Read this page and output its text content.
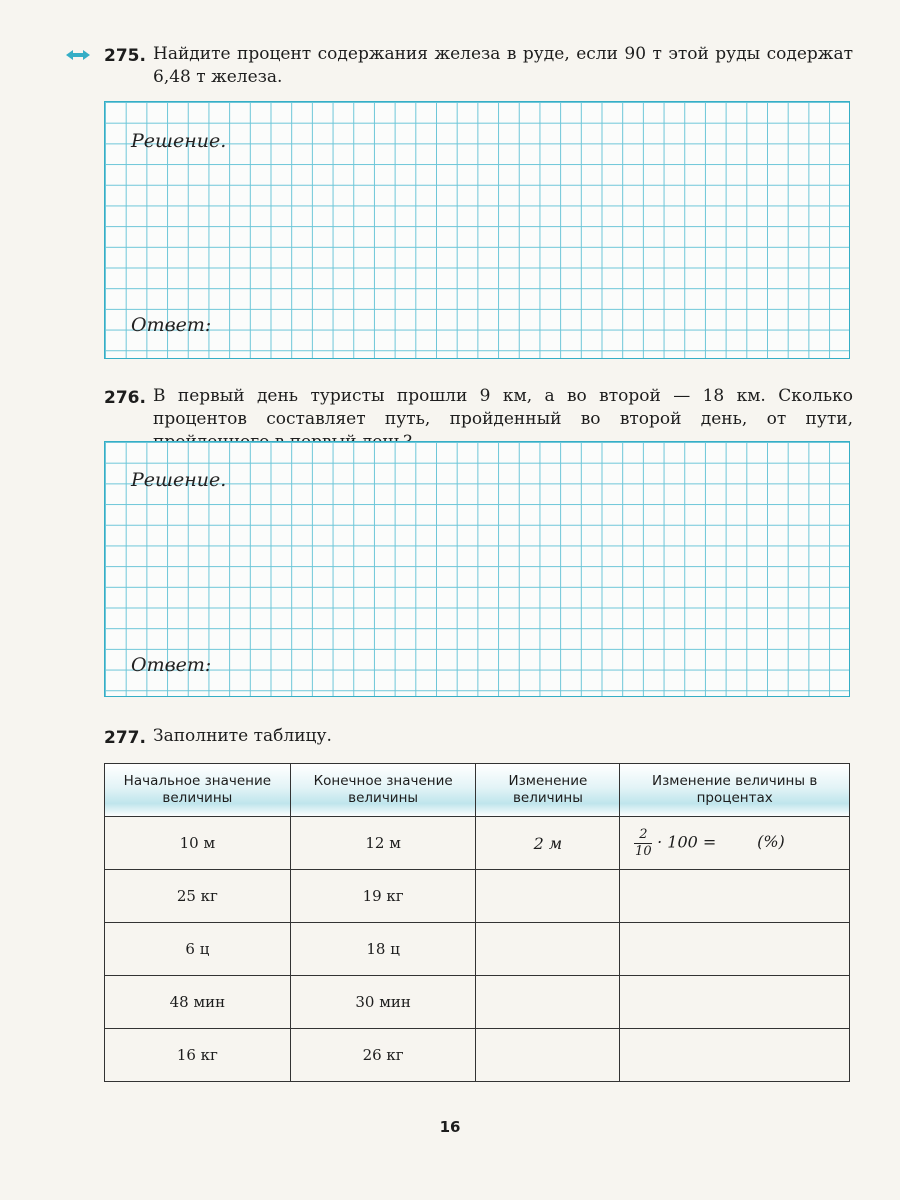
275. Найдите процент содержания железа в руде, если 90 т этой руды содержат 6,48 т железа.
Решение.
Ответ:
276. В первый день туристы прошли 9 км, а во второй — 18 км. Сколько процентов составляет путь, пройденный во второй день, от пути,
Решение.
Ответ:
277. Заполните таблицу.
Начальное значение величины	Конечное значение величины	Изменение величины	Изменение величины в процентах
10 м	12 м	2 м	$\frac{2}{10} \cdot 100$ = (%)
25 кг	19 кг		
6 ц	18 ц		
48 мин	30 мин		
16 кг	26 кг		
16
